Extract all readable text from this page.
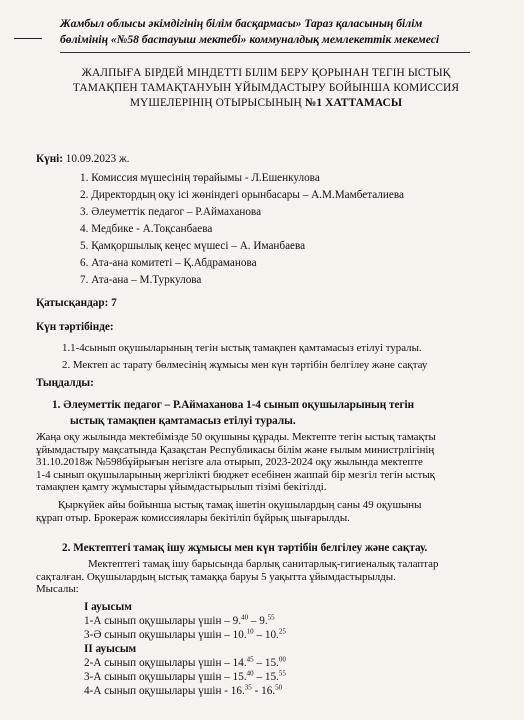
Жамбыл облысы әкімдігінің білім басқармасы» Тараз қаласының білім
бөлімінің «№58 бастауыш мектебі» коммуналдық мемлекеттік мекемесі
ЖАЛПЫҒА БІРДЕЙ МІНДЕТТІ БІЛІМ БЕРУ ҚОРЫНАН ТЕГІН ЫСТЫҚ
ТАМАҚПЕН ТАМАҚТАНУЫН ҰЙЫМДАСТЫРУ БОЙЫНША КОМИССИЯ
МҮШЕЛЕРІНІҢ ОТЫРЫСЫНЫҢ №1 ХАТТАМАСЫ
Күні: 10.09.2023 ж.
1. Комиссия мүшесінің төрайымы - Л.Ешенкулова
2. Директордың оқу ісі жөніндегі орынбасары – А.М.Мамбеталиева
3. Әлеуметтік педагог – Р.Аймаханова
4. Медбике - А.Тоқсанбаева
5. Қамқоршылық кеңес мүшесі – А. Иманбаева
6. Ата-ана комитеті – Қ.Абдраманова
7. Ата-ана – М.Туркулова
Қатысқандар: 7
Күн тәртібінде:
1.1-4сынып оқушыларының тегін ыстық тамақпен қамтамасыз етілуі туралы.
2. Мектеп ас тарату бөлмесінің жұмысы мен күн тәртібін белгілеу және сақтау
Тыңдалды:
1. Әлеуметтік педагог – Р.Аймаханова 1-4 сынып оқушыларының тегін
ыстық тамақпен қамтамасыз етілуі туралы.
Жаңа оқу жылында мектебімізде 50 оқушыны құрады. Мектепте тегін ыстық тамақты
ұйымдастыру мақсатында Қазақстан Республикасы білім және ғылым министрлігінің
31.10.2018ж №598бұйрығын негізге ала отырып, 2023-2024 оқу жылында мектепте
1-4 сынып оқушыларының жергілікті бюджет есебінен жаппай бір мезгіл тегін ыстық
тамақпен қамту жұмыстары ұйымдастырылып тізімі бекітілді.
Қыркүйек айы бойынша ыстық тамақ ішетін оқушылардың саны 49 оқушыны
құрап отыр. Брокераж комиссиялары бекітіліп бұйрық шығарылды.
2. Мектептегі тамақ ішу жұмысы мен күн тәртібін белгілеу және сақтау.
Мектептегі тамақ ішу барысында барлық санитарлық-гигиеналық талаптар
сақталған. Оқушылардың ыстық тамаққа баруы 5 уақытта ұйымдастырылды.
Мысалы:
I ауысым
1-А сынып оқушылары үшін – 9.40 – 9.55
3-Ә сынып оқушылары үшін – 10.10 – 10.25
II ауысым
2-А сынып оқушылары үшін – 14.45 – 15.00
3-А сынып оқушылары үшін – 15.40 – 15.55
4-А сынып оқушылары үшін - 16.35 - 16.50
